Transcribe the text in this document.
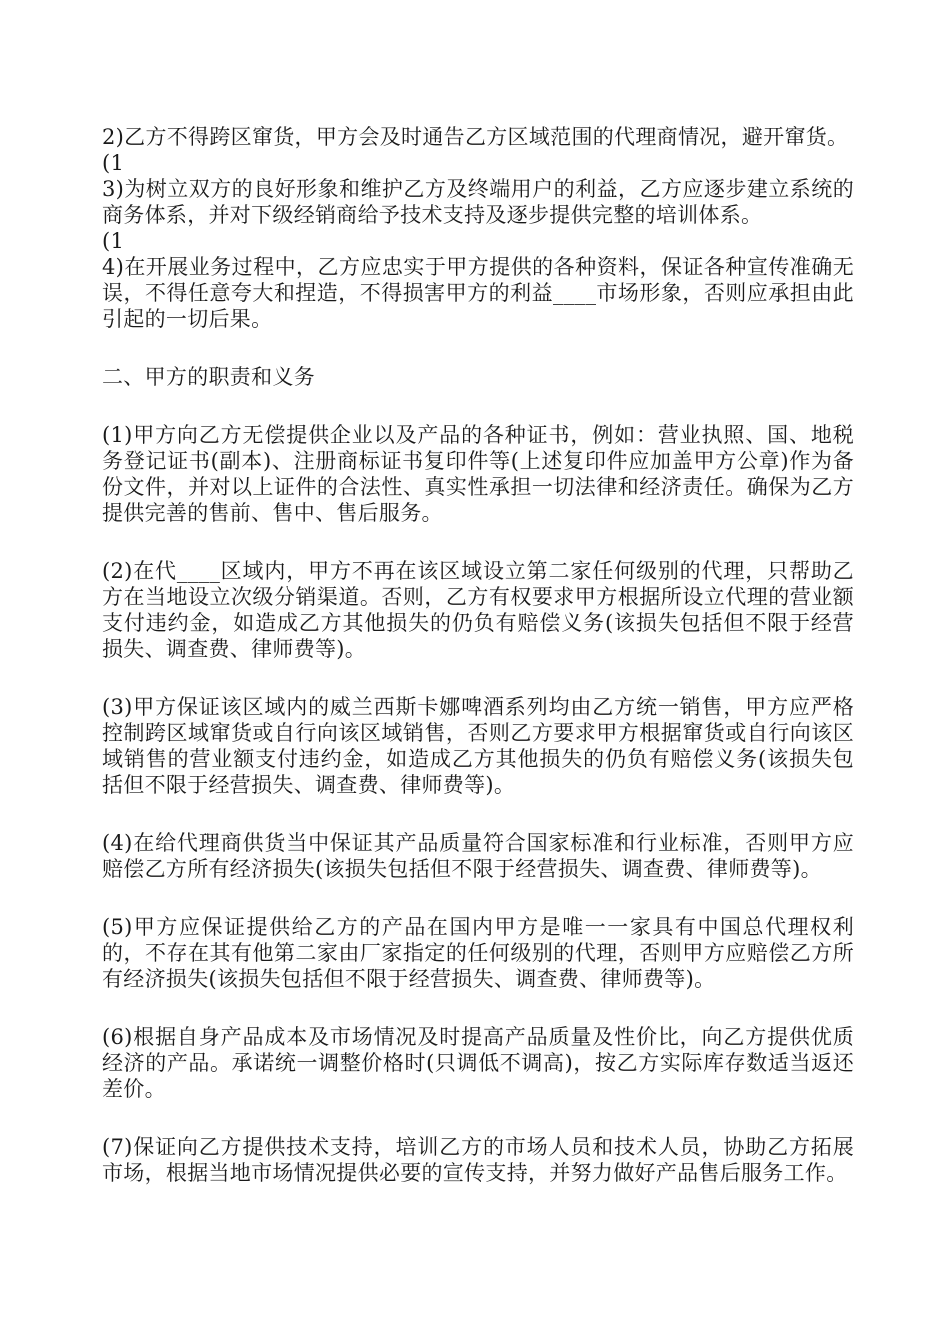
2)乙方不得跨区窜货，甲方会及时通告乙方区域范围的代理商情况，避开窜货。

(1

3)为树立双方的良好形象和维护乙方及终端用户的利益，乙方应逐步建立系统的商务体系，并对下级经销商给予技术支持及逐步提供完整的培训体系。

(1

4)在开展业务过程中，乙方应忠实于甲方提供的各种资料，保证各种宣传准确无误，不得任意夸大和捏造，不得损害甲方的利益____市场形象，否则应承担由此引起的一切后果。

二、甲方的职责和义务

(1)甲方向乙方无偿提供企业以及产品的各种证书，例如：营业执照、国、地税务登记证书(副本)、注册商标证书复印件等(上述复印件应加盖甲方公章)作为备份文件，并对以上证件的合法性、真实性承担一切法律和经济责任。确保为乙方提供完善的售前、售中、售后服务。

(2)在代____区域内，甲方不再在该区域设立第二家任何级别的代理，只帮助乙方在当地设立次级分销渠道。否则，乙方有权要求甲方根据所设立代理的营业额支付违约金，如造成乙方其他损失的仍负有赔偿义务(该损失包括但不限于经营损失、调查费、律师费等)。

(3)甲方保证该区域内的威兰西斯卡娜啤酒系列均由乙方统一销售，甲方应严格控制跨区域窜货或自行向该区域销售，否则乙方要求甲方根据窜货或自行向该区域销售的营业额支付违约金，如造成乙方其他损失的仍负有赔偿义务(该损失包括但不限于经营损失、调查费、律师费等)。

(4)在给代理商供货当中保证其产品质量符合国家标准和行业标准，否则甲方应赔偿乙方所有经济损失(该损失包括但不限于经营损失、调查费、律师费等)。

(5)甲方应保证提供给乙方的产品在国内甲方是唯一一家具有中国总代理权利的，不存在其有他第二家由厂家指定的任何级别的代理，否则甲方应赔偿乙方所有经济损失(该损失包括但不限于经营损失、调查费、律师费等)。

(6)根据自身产品成本及市场情况及时提高产品质量及性价比，向乙方提供优质经济的产品。承诺统一调整价格时(只调低不调高)，按乙方实际库存数适当返还差价。

(7)保证向乙方提供技术支持，培训乙方的市场人员和技术人员，协助乙方拓展市场，根据当地市场情况提供必要的宣传支持，并努力做好产品售后服务工作。
